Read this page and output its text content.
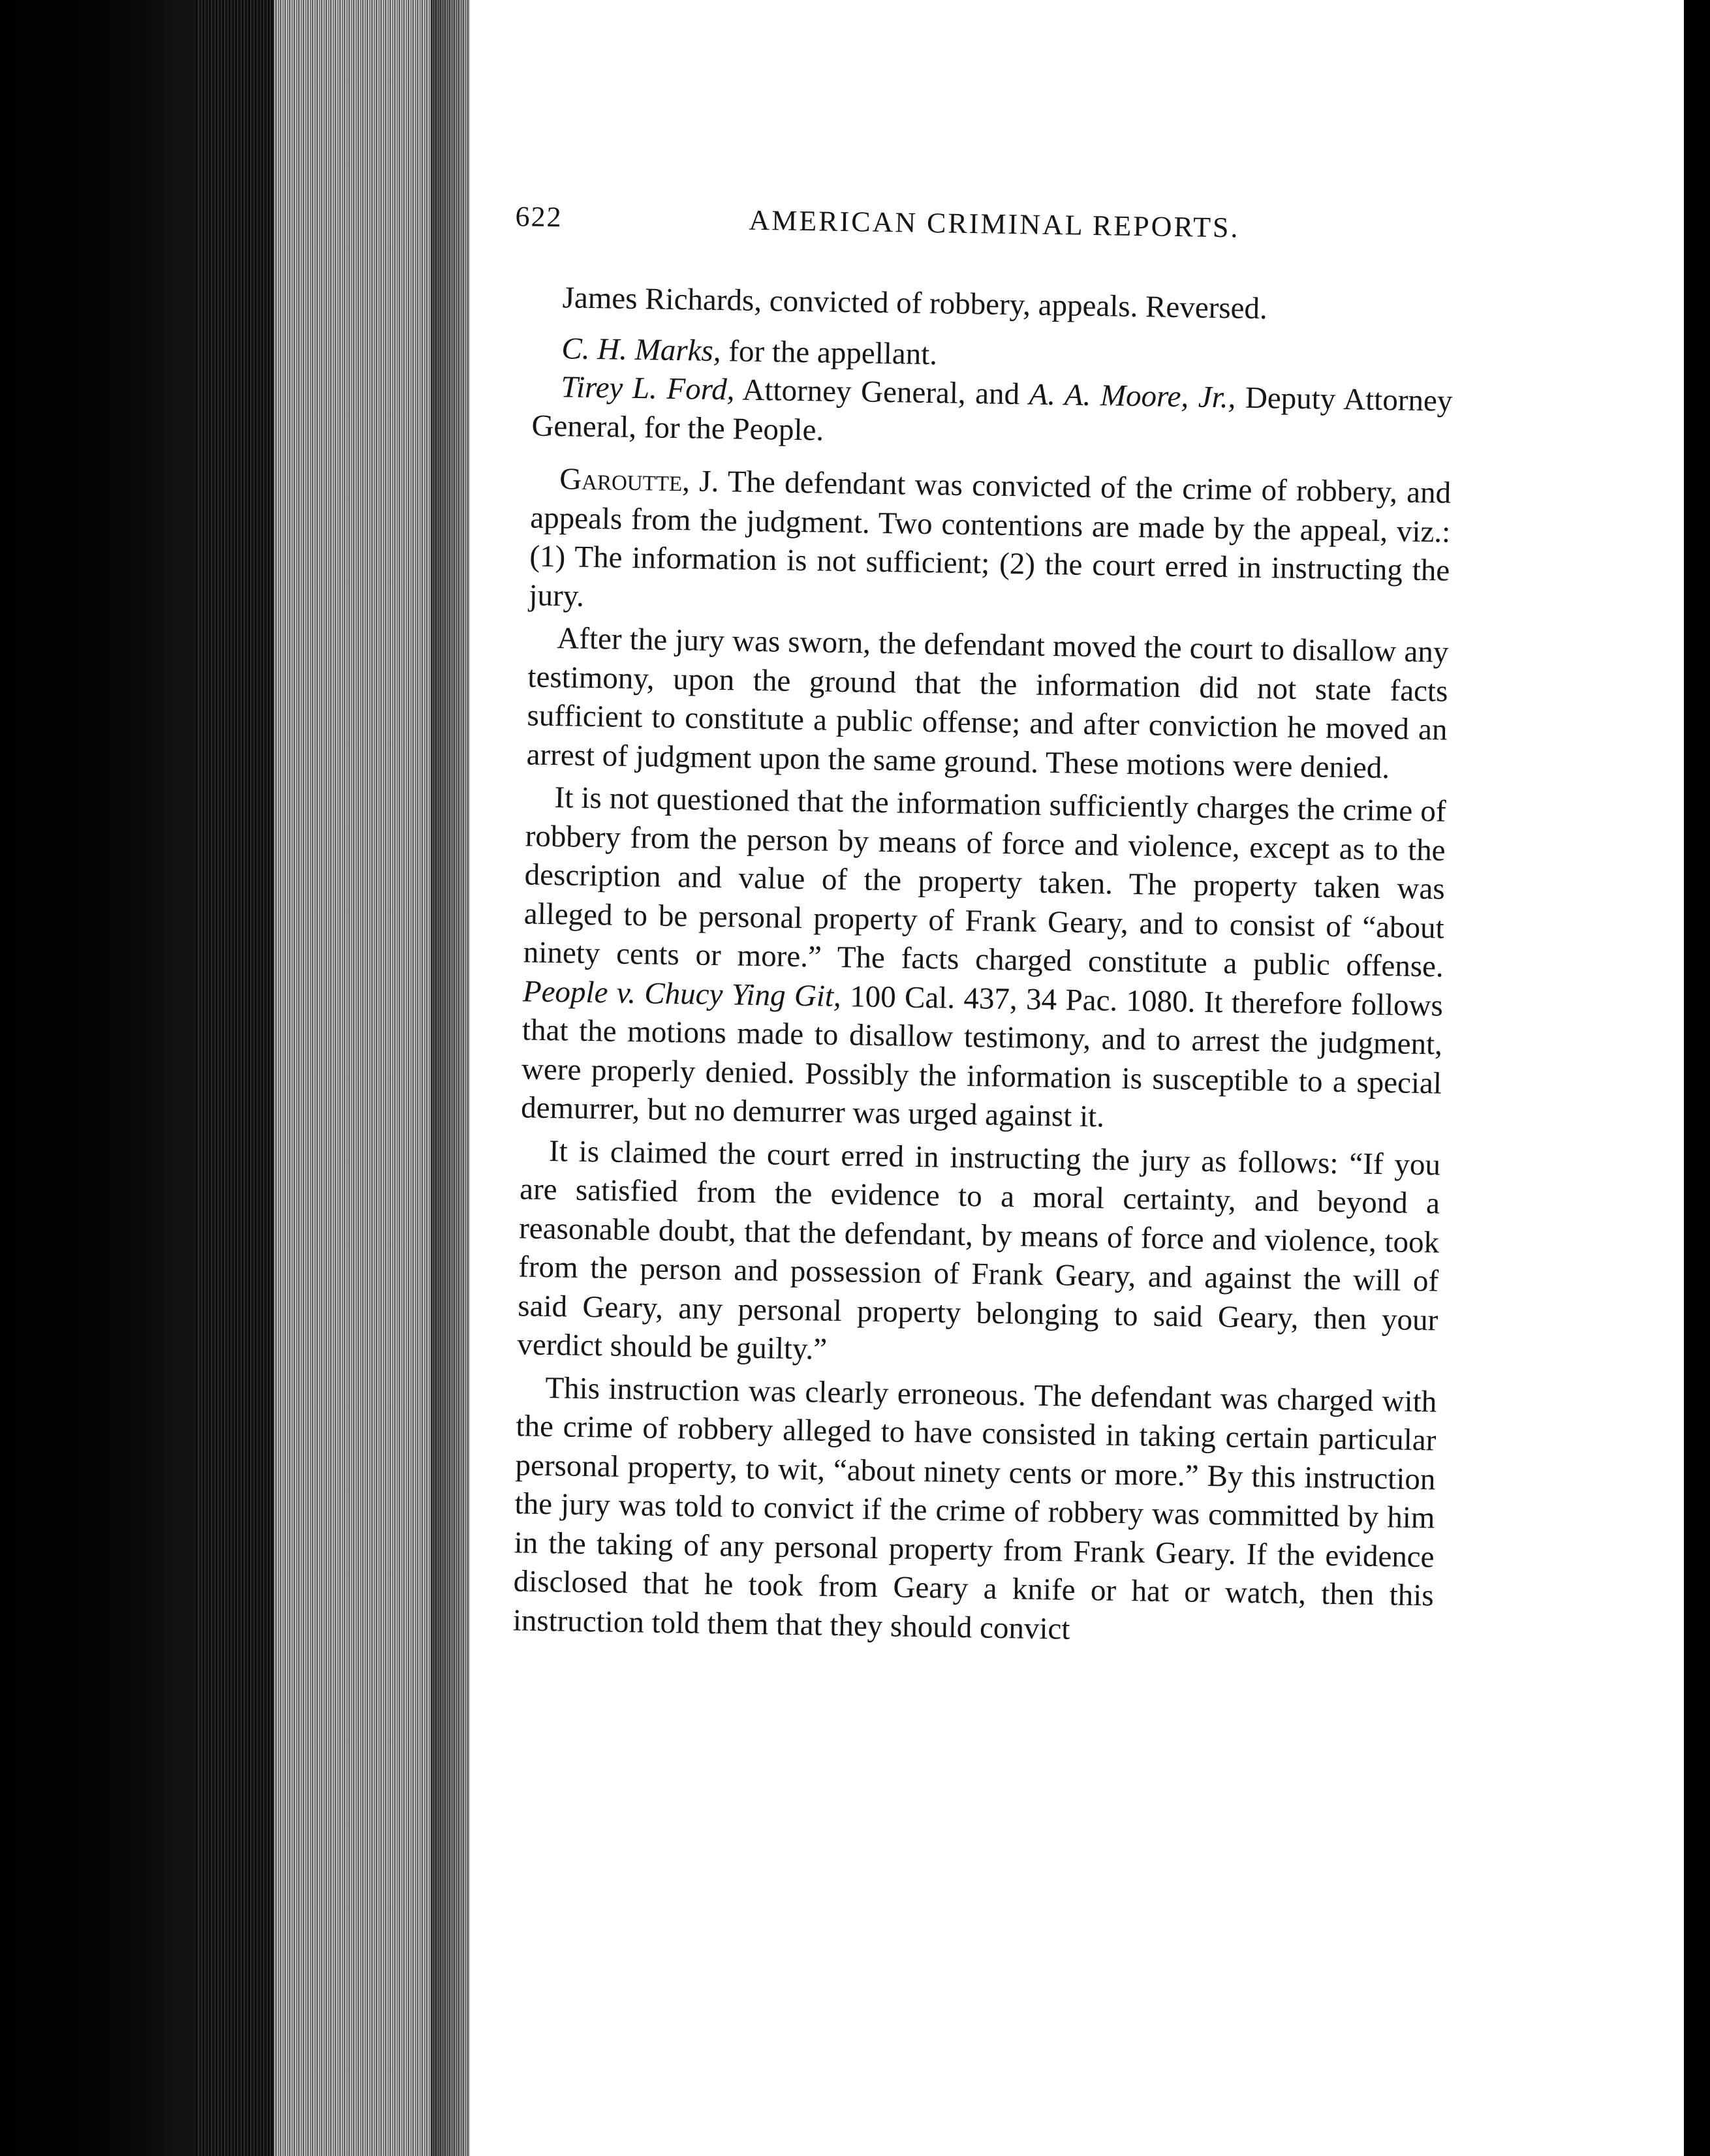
622	AMERICAN CRIMINAL REPORTS.

James Richards, convicted of robbery, appeals. Reversed.

C. H. Marks, for the appellant.

Tirey L. Ford, Attorney General, and A. A. Moore, Jr., Deputy Attorney General, for the People.

Garoutte, J. The defendant was convicted of the crime of robbery, and appeals from the judgment. Two contentions are made by the appeal, viz.: (1) The information is not sufficient; (2) the court erred in instructing the jury.

After the jury was sworn, the defendant moved the court to disallow any testimony, upon the ground that the information did not state facts sufficient to constitute a public offense; and after conviction he moved an arrest of judgment upon the same ground. These motions were denied.

It is not questioned that the information sufficiently charges the crime of robbery from the person by means of force and violence, except as to the description and value of the property taken. The property taken was alleged to be personal property of Frank Geary, and to consist of “about ninety cents or more.” The facts charged constitute a public offense. People v. Chucy Ying Git, 100 Cal. 437, 34 Pac. 1080. It therefore follows that the motions made to disallow testimony, and to arrest the judgment, were properly denied. Possibly the information is susceptible to a special demurrer, but no demurrer was urged against it.

It is claimed the court erred in instructing the jury as follows: “If you are satisfied from the evidence to a moral certainty, and beyond a reasonable doubt, that the defendant, by means of force and violence, took from the person and possession of Frank Geary, and against the will of said Geary, any personal property belonging to said Geary, then your verdict should be guilty.”

This instruction was clearly erroneous. The defendant was charged with the crime of robbery alleged to have consisted in taking certain particular personal property, to wit, “about ninety cents or more.” By this instruction the jury was told to convict if the crime of robbery was committed by him in the taking of any personal property from Frank Geary. If the evidence disclosed that he took from Geary a knife or hat or watch, then this instruction told them that they should convict
